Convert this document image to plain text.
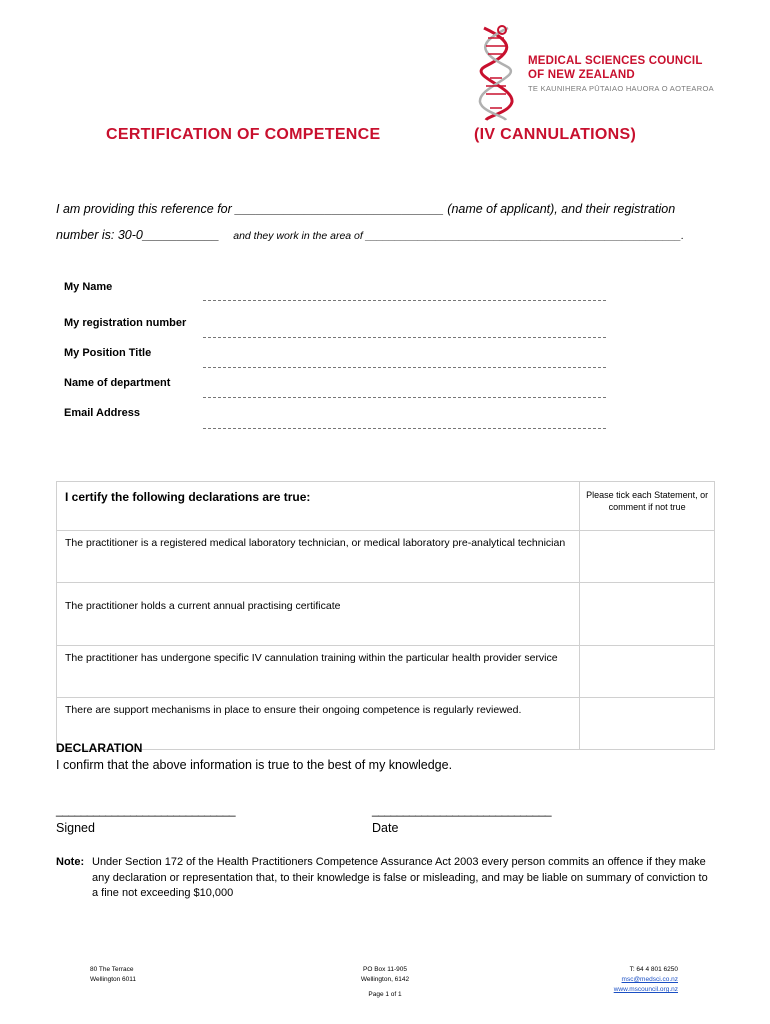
MEDICAL SCIENCES COUNCIL
OF NEW ZEALAND
TE KAUNIHERA PŪTAIAO HAUORA O AOTEAROA
CERTIFICATION OF COMPETENCE	(IV CANNULATIONS)
I am providing this reference for ______________________________ (name of applicant), and their registration
number is: 30-0___________ and they work in the area of ______________________________________________________.
My Name
My registration number
My Position Title
Name of department
Email Address
I certify the following declarations are true:	Please tick each Statement, or comment if not true
The practitioner is a registered medical laboratory technician, or medical laboratory pre-analytical technician	
The practitioner holds a current annual practising certificate	
The practitioner has undergone specific IV cannulation training within the particular health provider service	
There are support mechanisms in place to ensure their ongoing competence is regularly reviewed.	
DECLARATION
I confirm that the above information is true to the best of my knowledge.
_____________________________	_____________________________
Signed	Date
Note: Under Section 172 of the Health Practitioners Competence Assurance Act 2003 every person commits an offence if they make any declaration or representation that, to their knowledge is false or misleading, and may be liable on summary of conviction to a fine not exceeding $10,000
80 The Terrace
Wellington 6011
PO Box 11-905
Wellington, 6142
T: 64 4 801 6250
msc@medsci.co.nz
www.mscouncil.org.nz
Page 1 of 1
